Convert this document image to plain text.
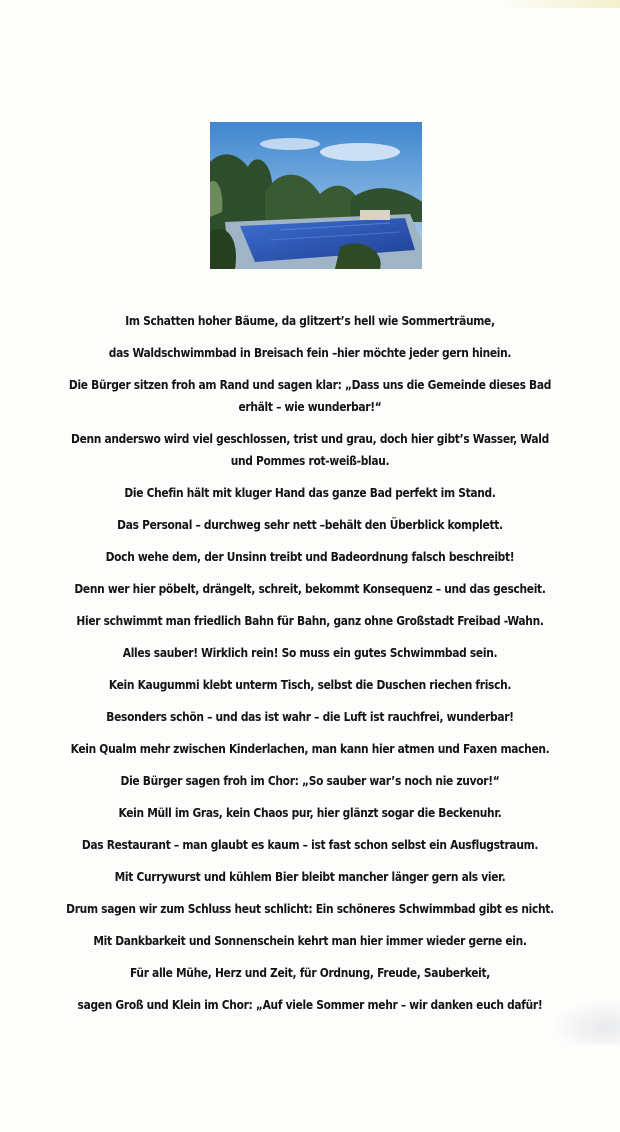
Im Schatten hoher Bäume, da glitzert’s hell wie Sommerträume,
das Waldschwimmbad in Breisach fein –hier möchte jeder gern hinein.
Die Bürger sitzen froh am Rand und sagen klar: „Dass uns die Gemeinde dieses Bad erhält – wie wunderbar!“
Denn anderswo wird viel geschlossen, trist und grau, doch hier gibt’s Wasser, Wald und Pommes rot-weiß-blau.
Die Chefin hält mit kluger Hand das ganze Bad perfekt im Stand.
Das Personal – durchweg sehr nett –behält den Überblick komplett.
Doch wehe dem, der Unsinn treibt und Badeordnung falsch beschreibt!
Denn wer hier pöbelt, drängelt, schreit, bekommt Konsequenz – und das gescheit.
Hier schwimmt man friedlich Bahn für Bahn, ganz ohne Großstadt Freibad -Wahn.
Alles sauber! Wirklich rein! So muss ein gutes Schwimmbad sein.
Kein Kaugummi klebt unterm Tisch, selbst die Duschen riechen frisch.
Besonders schön – und das ist wahr – die Luft ist rauchfrei, wunderbar!
Kein Qualm mehr zwischen Kinderlachen, man kann hier atmen und Faxen machen.
Die Bürger sagen froh im Chor: „So sauber war’s noch nie zuvor!“
Kein Müll im Gras, kein Chaos pur, hier glänzt sogar die Beckenuhr.
Das Restaurant – man glaubt es kaum – ist fast schon selbst ein Ausflugstraum.
Mit Currywurst und kühlem Bier bleibt mancher länger gern als vier.
Drum sagen wir zum Schluss heut schlicht: Ein schöneres Schwimmbad gibt es nicht.
Mit Dankbarkeit und Sonnenschein kehrt man hier immer wieder gerne ein.
Für alle Mühe, Herz und Zeit, für Ordnung, Freude, Sauberkeit,
sagen Groß und Klein im Chor: „Auf viele Sommer mehr – wir danken euch dafür!
